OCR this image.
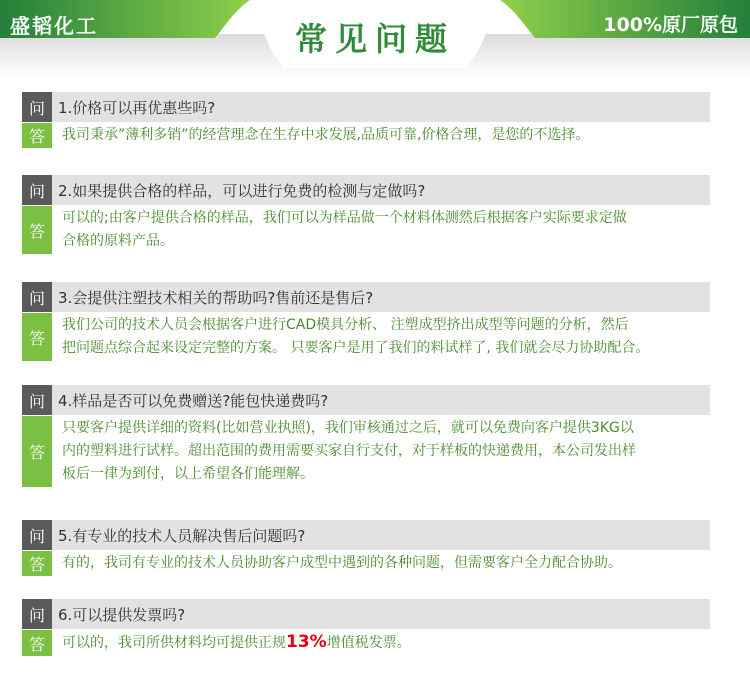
盛韬化工	常见问题	100%原厂原包
问 1.价格可以再优惠些吗?
答	我司秉承”薄利多销”的经营理念在生存中求发展,品质可靠,价格合理，是您的不选择。
问 2.如果提供合格的样品，可以进行免费的检测与定做吗?
答
可以的;由客户提供合格的样品，我们可以为样品做一个材料体测然后根据客户实际要求定做
合格的原料产品。
问 3.会提供注塑技术相关的帮助吗?售前还是售后?
答
我们公司的技术人员会根据客户进行CAD模具分析、 注塑成型挤出成型等问题的分析，然后
把问题点综合起来设定完整的方案。 只要客户是用了我们的料试样了, 我们就会尽力协助配合。
问 4.样品是否可以免费赠送?能包快递费吗?
答
只要客户提供详细的资料(比如营业执照)，我们审核通过之后，就可以免费向客户提供3KG以
内的塑料进行试样。超出范围的费用需要买家自行支付，对于样板的快递费用，本公司发出样
板后一律为到付，以上希望各们能理解。
问 5.有专业的技术人员解决售后问题吗?
答	有的，我司有专业的技术人员协助客户成型中遇到的各种问题，但需要客户全力配合协助。
问 6.可以提供发票吗?
答	可以的，我司所供材料均可提供正规13%增值税发票。
